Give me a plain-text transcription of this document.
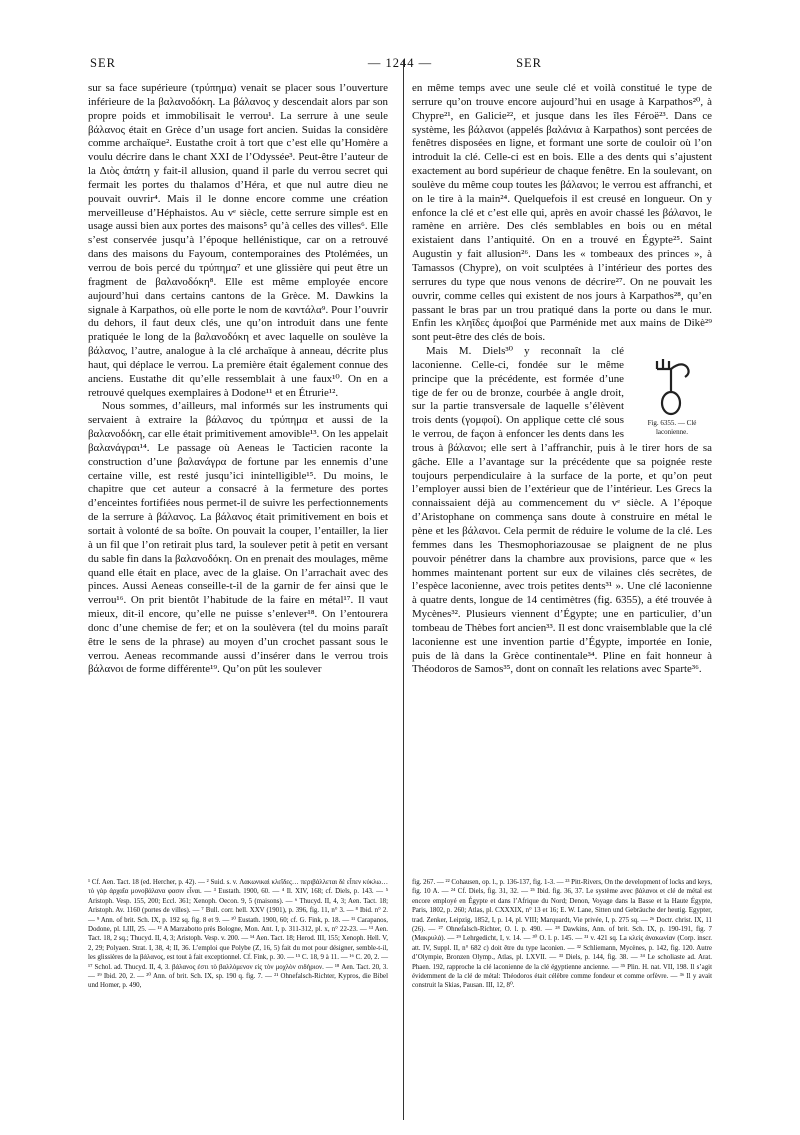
SER	— 1244 —	SER

sur sa face supérieure (τρύπημα) venait se placer sous l’ouverture inférieure de la βαλανοδόκη. La βάλανος y descendait alors par son propre poids et immobilisait le verrou¹. La serrure à une seule βάλανος était en Grèce d’un usage fort ancien. Suidas la considère comme archaïque². Eustathe croit à tort que c’est elle qu’Homère a voulu décrire dans le chant XXI de l’Odyssée³. Peut-être l’auteur de la Διὸς ἀπάτη y fait-il allusion, quand il parle du verrou secret qui fermait les portes du thalamos d’Héra, et que nul autre dieu ne pouvait ouvrir⁴. Mais il le donne encore comme une création merveilleuse d’Héphaistos. Au vᵉ siècle, cette serrure simple est en usage aussi bien aux portes des maisons⁵ qu’à celles des villes⁶. Elle s’est conservée jusqu’à l’époque hellénistique, car on a retrouvé dans des maisons du Fayoum, contemporaines des Ptolémées, un verrou de bois percé du τρύπημα⁷ et une glissière qui peut être un fragment de βαλανοδόκη⁸. Elle est même employée encore aujourd’hui dans certains cantons de la Grèce. M. Dawkins la signale à Karpathos, où elle porte le nom de καντάλα⁹. Pour l’ouvrir du dehors, il faut deux clés, une qu’on introduit dans une fente pratiquée le long de la βαλανοδόκη et avec laquelle on soulève la βάλανος, l’autre, analogue à la clé archaïque à anneau, décrite plus haut, qui déplace le verrou. La première était également connue des anciens. Eustathe dit qu’elle ressemblait à une faux¹⁰. On en a retrouvé quelques exemplaires à Dodone¹¹ et en Étrurie¹².

Nous sommes, d’ailleurs, mal informés sur les instruments qui servaient à extraire la βάλανος du τρύπημα et aussi de la βαλανοδόκη, car elle était primitivement amovible¹³. On les appelait βαλανάγραι¹⁴. Le passage où Aeneas le Tacticien raconte la construction d’une βαλανάγρα de fortune par les ennemis d’une certaine ville, est resté jusqu’ici inintelligible¹⁵. Du moins, le chapitre que cet auteur a consacré à la fermeture des portes d’enceintes fortifiées nous permet-il de suivre les perfectionnements de la serrure à βάλανος. La βάλανος était primitivement en bois et sortait à volonté de sa boîte. On pouvait la couper, l’entailler, la lier à un fil que l’on retirait plus tard, la soulever petit à petit en versant du sable fin dans la βαλανοδόκη. On en prenait des moulages, même quand elle était en place, avec de la glaise. On l’arrachait avec des pinces. Aussi Aeneas conseille-t-il de la garnir de fer ainsi que le verrou¹⁶. On prit bientôt l’habitude de la faire en métal¹⁷. Il vaut mieux, dit-il encore, qu’elle ne puisse s’enlever¹⁸. On l’entourera donc d’une chemise de fer; et on la soulèvera (tel du moins paraît être le sens de la phrase) au moyen d’un crochet passant sous le verrou. Aeneas recommande aussi d’insérer dans le verrou trois βάλανοι de forme différente¹⁹. Qu’on pût les soulever

en même temps avec une seule clé et voilà constitué le type de serrure qu’on trouve encore aujourd’hui en usage à Karpathos²⁰, à Chypre²¹, en Galicie²², et jusque dans les îles Féroë²³. Dans ce système, les βάλανοι (appelés βαλάνια à Karpathos) sont percées de fenêtres disposées en ligne, et formant une sorte de couloir où l’on introduit la clé. Celle-ci est en bois. Elle a des dents qui s’ajustent exactement au bord supérieur de chaque fenêtre. En la soulevant, on soulève du même coup toutes les βάλανοι; le verrou est affranchi, et on le tire à la main²⁴. Quelquefois il est creusé en longueur. On y enfonce la clé et c’est elle qui, après en avoir chassé les βάλανοι, le ramène en arrière. Des clés semblables en bois ou en métal existaient dans l’antiquité. On en a trouvé en Égypte²⁵. Saint Augustin y fait allusion²⁶. Dans les « tombeaux des princes », à Tamassos (Chypre), on voit sculptées à l’intérieur des portes des serrures du type que nous venons de décrire²⁷. On ne pouvait les ouvrir, comme celles qui existent de nos jours à Karpathos²⁸, qu’en passant le bras par un trou pratiqué dans la porte ou dans le mur. Enfin les κληῖδες ἀμοιβοί que Parménide met aux mains de Dikè²⁹ sont peut-être des clés de bois.

Fig. 6355. — Clé laconienne.

Mais M. Diels³⁰ y reconnaît la clé laconienne. Celle-ci, fondée sur le même principe que la précédente, est formée d’une tige de fer ou de bronze, courbée à angle droit, sur la partie transversale de laquelle s’élèvent trois dents (γομφοί). On applique cette clé sous le verrou, de façon à enfoncer les dents dans les trous à βάλανοι; elle sert à l’affranchir, puis à le tirer hors de sa gâche. Elle a l’avantage sur la précédente que sa poignée reste toujours perpendiculaire à la surface de la porte, et qu’on peut l’employer aussi bien de l’extérieur que de l’intérieur. Les Grecs la connaissaient déjà au commencement du vᵉ siècle. A l’époque d’Aristophane on commença sans doute à construire en métal le pène et les βάλανοι. Cela permit de réduire le volume de la clé. Les femmes dans les Thesmophoriazousae se plaignent de ne plus pouvoir pénétrer dans la chambre aux provisions, parce que « les hommes maintenant portent sur eux de vilaines clés secrètes, de l’espèce laconienne, avec trois petites dents³¹ ». Une clé laconienne à quatre dents, longue de 14 centimètres (fig. 6355), a été trouvée à Mycènes³². Plusieurs viennent d’Égypte; une en particulier, d’un tombeau de Thèbes fort ancien³³. Il est donc vraisemblable que la clé laconienne est une invention partie d’Égypte, importée en Ionie, puis de là dans la Grèce continentale³⁴. Pline en fait honneur à Théodoros de Samos³⁵, dont on connaît les relations avec Sparte³⁶.

¹ Cf. Aen. Tact. 18 (ed. Hercher, p. 42). — ² Suid. s. v. Λακωνικαὶ κλεῖδες… περιβάλλεται δὲ εἶπεν κύκλω… τὸ γὰρ ἀρχαῖα μονοβάλανα φασιν εἶναι. — ³ Eustath. 1900, 60. — ⁴ Il. XIV, 168; cf. Diels, p. 143. — ⁵ Aristoph. Vesp. 155, 200; Eccl. 361; Xenoph. Oecon. 9, 5 (maisons). — ⁶ Thucyd. II, 4, 3; Aen. Tact. 18; Aristoph. Av. 1160 (portes de villes). — ⁷ Bull. corr. hell. XXV (1901), p. 396, fig. 11, n° 3. — ⁸ Ibid. n° 2. — ⁹ Ann. of brit. Sch. IX, p. 192 sq. fig. 8 et 9. — ¹⁰ Eustath. 1900, 60; cf. G. Fink, p. 18. — ¹¹ Carapanos, Dodone, pl. LIII, 25. — ¹² A Marzabotto près Bologne, Mon. Ant. I, p. 311-312, pl. x, n° 22-23. — ¹³ Aen. Tact. 18, 2 sq.; Thucyd. II, 4, 3; Aristoph. Vesp. v. 200. — ¹⁴ Aen. Tact. 18; Herod. III, 155; Xenoph. Hell. V, 2, 29; Polyaen. Strat. I, 38, 4; II, 36. L’emploi que Polybe (Z, 16, 5) fait du mot pour désigner, semble-t-il, les glissières de la βάλανος, est tout à fait exceptionnel. Cf. Fink, p. 30. — ¹⁵ C. 18, 9 à 11. — ¹⁶ C. 20, 2. — ¹⁷ Schol. ad. Thucyd. II, 4, 3. βάλανος ἐστι τὸ βαλλόμενον εἰς τὸν μοχλὸν σιδήριον. — ¹⁸ Aen. Tact. 20, 3. — ¹⁹ Ibid. 20, 2. — ²⁰ Ann. of brit. Sch. IX, sp. 190 q. fig. 7. — ²¹ Ohnefalsch-Richter, Kypros, die Bibel und Homer, p. 490,
fig. 267. — ²² Cohausen, op. l., p. 136-137, fig. 1-3. — ²³ Pitt-Rivers, On the development of locks and keys, fig. 10 A. — ²⁴ Cf. Diels, fig. 31, 32. — ²⁵ Ibid. fig. 36, 37. Le système avec βάλανοι et clé de métal est encore employé en Égypte et dans l’Afrique du Nord; Denon, Voyage dans la Basse et la Haute Égypte, Paris, 1802, p. 260; Atlas, pl. CXXXIX, n° 13 et 16; E. W. Lane, Sitten und Gebräuche der heutig. Egypter, trad. Zenker, Leipzig, 1852, I, p. 14, pl. VIII; Marquardt, Vie privée, I, p. 275 sq. — ²⁶ Doctr. christ. IX, 11 (26). — ²⁷ Ohnefalsch-Richter, O. l. p. 490. — ²⁸ Dawkins, Ann. of brit. Sch. IX, p. 190-191, fig. 7 (Μακρυλά). — ²⁹ Lehrgedicht, I, v. 14. — ³⁰ O. l. p. 145. — ³¹ v. 421 sq. La κλεὶς ἀνακωνίαν (Corp. inscr. att. IV, Suppl. II, n° 682 c) doit être du type laconien. — ³² Schliemann, Mycènes, p. 142, fig. 120. Autre d’Olympie, Bronzen Olymp., Atlas, pl. LXVII. — ³³ Diels, p. 144, fig. 38. — ³⁴ Le scholiaste ad. Arat. Phaen. 192, rapproche la clé laconienne de la clé égyptienne ancienne. — ³⁵ Plin. H. nat. VII, 198. Il s’agit évidemment de la clé de métal: Théodoros était célèbre comme fondeur et comme orfèvre. — ³⁶ Il y avait construit la Skias, Pausan. III, 12, 8⁰.
